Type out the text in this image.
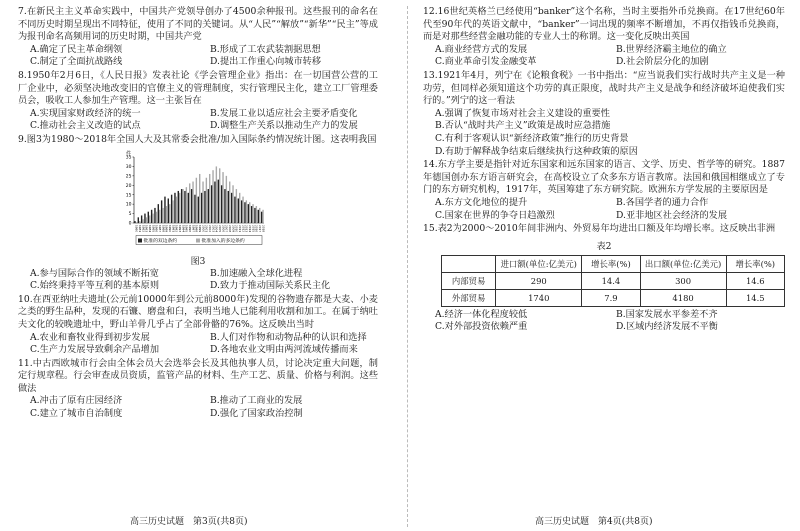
7.在新民主主义革命实践中，中国共产党领导创办了4500余种报刊。这些报刊的命名在不同历史时期呈现出不同特征，使用了不同的关键词。从“人民”“解放”“新华”“民主”等成为报刊命名高频用词的历史时期，中国共产党

A.确定了民主革命纲领	B.形成了工农武装割据思想
C.制定了全面抗战路线	D.提出工作重心向城市转移

8.1950年2月6日，《人民日报》发表社论《学会管理企业》指出：在一切国营公营的工厂企业中，必须坚决地改变旧的官僚主义的管理制度，实行管理民主化，建立工厂管理委员会，吸收工人参加生产管理。这一主张旨在

A.实现国家财政经济的统一	B.发展工业以适应社会主要矛盾变化
C.推动社会主义改造的试点	D.调整生产关系以推动生产力的发展

9.图3为1980～2018年全国人大及其常委会批准/加入国际条约情况统计图。这表明我国

0
5
10
15
20
25
30
35
件
1980 1981 1982 1983 1984 1985 1986 1987 1988 1989 1990 1991 1992 1993 1994 1995 1996 1997 1998 1999 2000 2001 2002 2003 2004 2005 2006 2007 2008 2009 2010 2011 2012 2013 2014 2015 2016 2017 2018
批准的双边条约	批准加入的多边条约
图3
A.参与国际合作的领域不断拓宽	B.加速融入全球化进程
C.始终秉持平等互利的基本原则	D.致力于推动国际关系民主化

10.在西亚纳吐夫遗址(公元前10000年到公元前8000年)发现的谷物遗存都是大麦、小麦之类的野生品种，发现的石镰、磨盘和臼，表明当地人已能利用收割和加工。在属于纳吐夫文化的较晚遗址中，野山羊骨几乎占了全部骨骼的76%。这反映出当时

A.农业和畜牧业得到初步发展	B.人们对作物和动物品种的认识和选择
C.生产力发展导致剩余产品增加	D.各地农业文明由两河流域传播而来

11.中古西欧城市行会由全体会员大会选举会长及其他执事人员，讨论决定重大问题，制定行规章程。行会审查成员资质，监管产品的材料、生产工艺、质量、价格与利润。这些做法

A.冲击了原有庄园经济	B.推动了工商业的发展
C.建立了城市自治制度	D.强化了国家政治控制
高三历史试题　第3页(共8页)

12.16世纪英格兰已经使用“banker”这个名称，当时主要指外币兑换商。在17世纪60年代至90年代的英语文献中，“banker”一词出现的频率不断增加，不再仅指钱币兑换商，而是对那些经营金融功能的专业人士的称谓。这一变化反映出英国

A.商业经营方式的发展	B.世界经济霸主地位的确立
C.商业革命引发金融变革	D.社会阶层分化的加剧

13.1921年4月，列宁在《论粮食税》一书中指出：“应当说我们实行战时共产主义是一种功劳，但同样必须知道这个功劳的真正限度，战时共产主义是战争和经济破坏迫使我们实行的。”列宁的这一看法

A.强调了恢复市场对社会主义建设的重要性
B.否认“战时共产主义”政策是战时应急措施
C.有利于客观认识“新经济政策”推行的历史背景
D.有助于解释战争结束后继续执行这种政策的原因

14.东方学主要是指针对近东国家和远东国家的语言、文学、历史、哲学等的研究。1887年德国创办东方语言研究会，在高校设立了众多东方语言教席。法国和俄国相继成立了专门的东方研究机构，1917年，英国筹建了东方研究院。欧洲东方学发展的主要原因是

A.东方文化地位的提升	B.各国学者的通力合作
C.国家在世界的争夺日趋激烈	D.亚非地区社会经济的发展

15.表2为2000～2010年间非洲内、外贸易年均进出口额及年均增长率。这反映出非洲

表2
	进口额(单位:亿美元)	增长率(%)	出口额(单位:亿美元)	增长率(%)
内部贸易	290	14.4	300	14.6
外部贸易	1740	7.9	4180	14.5
A.经济一体化程度较低	B.国家发展水平参差不齐
C.对外部投资依赖严重	D.区域内经济发展不平衡
高三历史试题　第4页(共8页)
